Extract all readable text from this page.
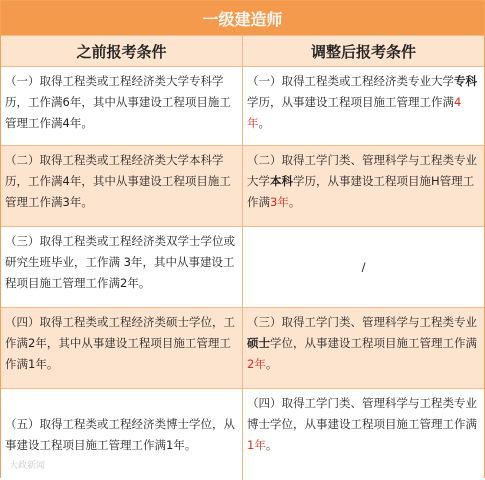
一级建造师
之前报考条件	调整后报考条件
（一）取得工程类或工程经济类大学专科学历，工作满6年，其中从事建设工程项目施工管理工作满4年。
（一）取得工程类或工程经济类专业大学专科学历，从事建设工程项目施工管理工作满4年。
（二）取得工程类或工程经济类大学本科学历，工作满4年，其中从事建设工程项目施工管理工作满3年。
（二）取得工学门类、管理科学与工程类专业大学本科学历，从事建设工程项目施H管理工作满3年。
（三）取得工程类或工程经济类双学士学位或研究生班毕业，工作满 3年，其中从事建设工程项目施工管理工作满2年。
/
（四）取得工程类或工程经济类硕士学位，工作满2年，其中从事建设工程项目施工管理工作满1年。
（三）取得工学门类、管理科学与工程类专业硕士学位，从事建设工程项目施工管理工作满2年。
（五）取得工程类或工程经济类博士学位，从事建设工程项目施工管理工作满1年。
（四）取得工学门类、管理科学与工程类专业博士学位，从事建设工程项目施工管理工作满1年。
大政新闻
